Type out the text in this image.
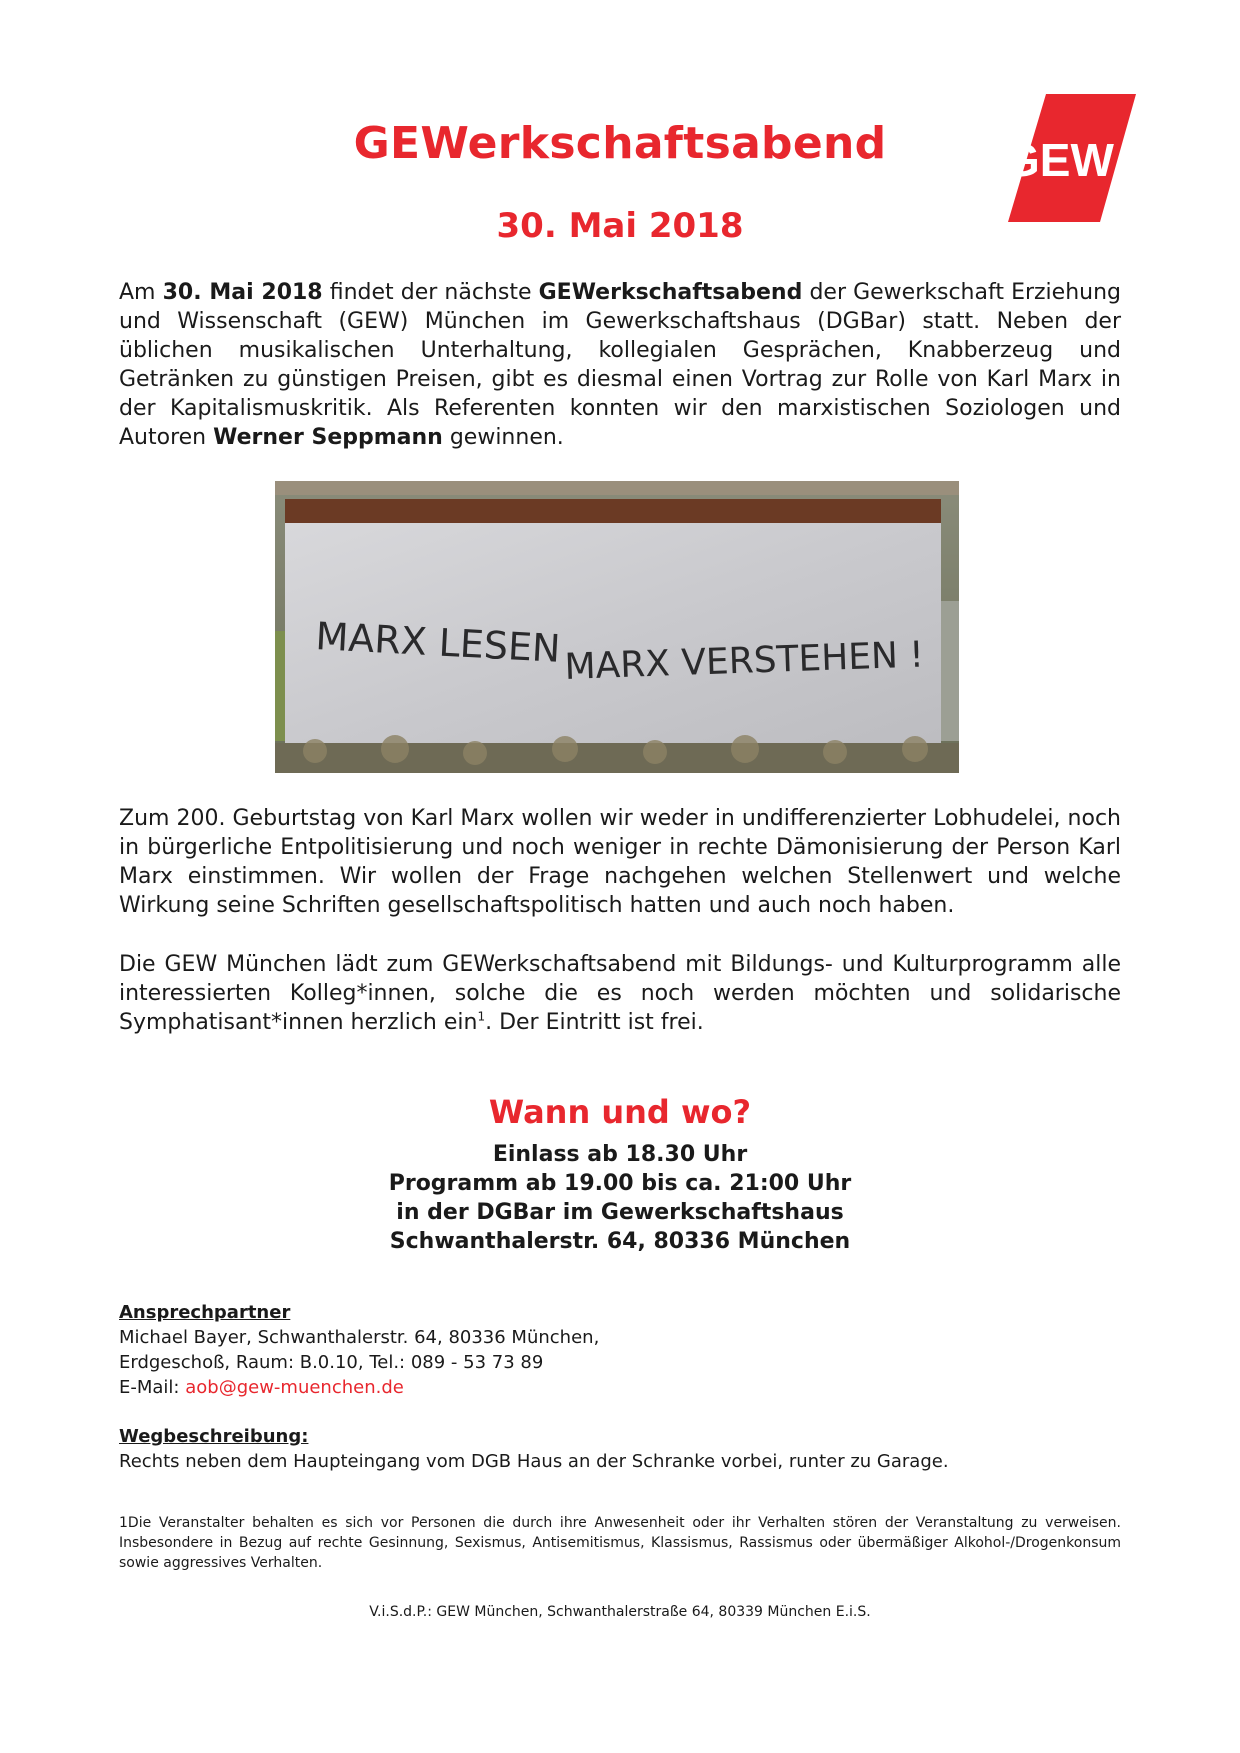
GEWerkschaftsabend
30. Mai 2018
GEW

Am 30. Mai 2018 findet der nächste GEWerkschaftsabend der Gewerkschaft Erziehung und Wissenschaft (GEW) München im Gewerkschaftshaus (DGBar) statt. Neben der üblichen musikalischen Unterhaltung, kollegialen Gesprächen, Knabberzeug und Getränken zu günstigen Preisen, gibt es diesmal einen Vortrag zur Rolle von Karl Marx in der Kapitalismuskritik. Als Referenten konnten wir den marxistischen Soziologen und Autoren Werner Seppmann gewinnen.

MARX LESEN MARX VERSTEHEN !

Zum 200. Geburtstag von Karl Marx wollen wir weder in undifferenzierter Lobhudelei, noch in bürgerliche Entpolitisierung und noch weniger in rechte Dämonisierung der Person Karl Marx einstimmen. Wir wollen der Frage nachgehen welchen Stellenwert und welche Wirkung seine Schriften gesellschaftspolitisch hatten und auch noch haben.

Die GEW München lädt zum GEWerkschaftsabend mit Bildungs- und Kulturprogramm alle interessierten Kolleg*innen, solche die es noch werden möchten und solidarische Symphatisant*innen herzlich ein$^1$. Der Eintritt ist frei.

Wann und wo?
Einlass ab 18.30 Uhr
Programm ab 19.00 bis ca. 21:00 Uhr
in der DGBar im Gewerkschaftshaus
Schwanthalerstr. 64, 80336 München
Ansprechpartner
Michael Bayer, Schwanthalerstr. 64, 80336 München,
Erdgeschoß, Raum: B.0.10, Tel.: 089 - 53 73 89
E-Mail: aob@gew-muenchen.de
Wegbeschreibung:
Rechts neben dem Haupteingang vom DGB Haus an der Schranke vorbei, runter zu Garage.

1Die Veranstalter behalten es sich vor Personen die durch ihre Anwesenheit oder ihr Verhalten stören der Veranstaltung zu verweisen. Insbesondere in Bezug auf rechte Gesinnung, Sexismus, Antisemitismus, Klassismus, Rassismus oder übermäßiger Alkohol-/Drogenkonsum sowie aggressives Verhalten.

V.i.S.d.P.: GEW München, Schwanthalerstraße 64, 80339 München E.i.S.
